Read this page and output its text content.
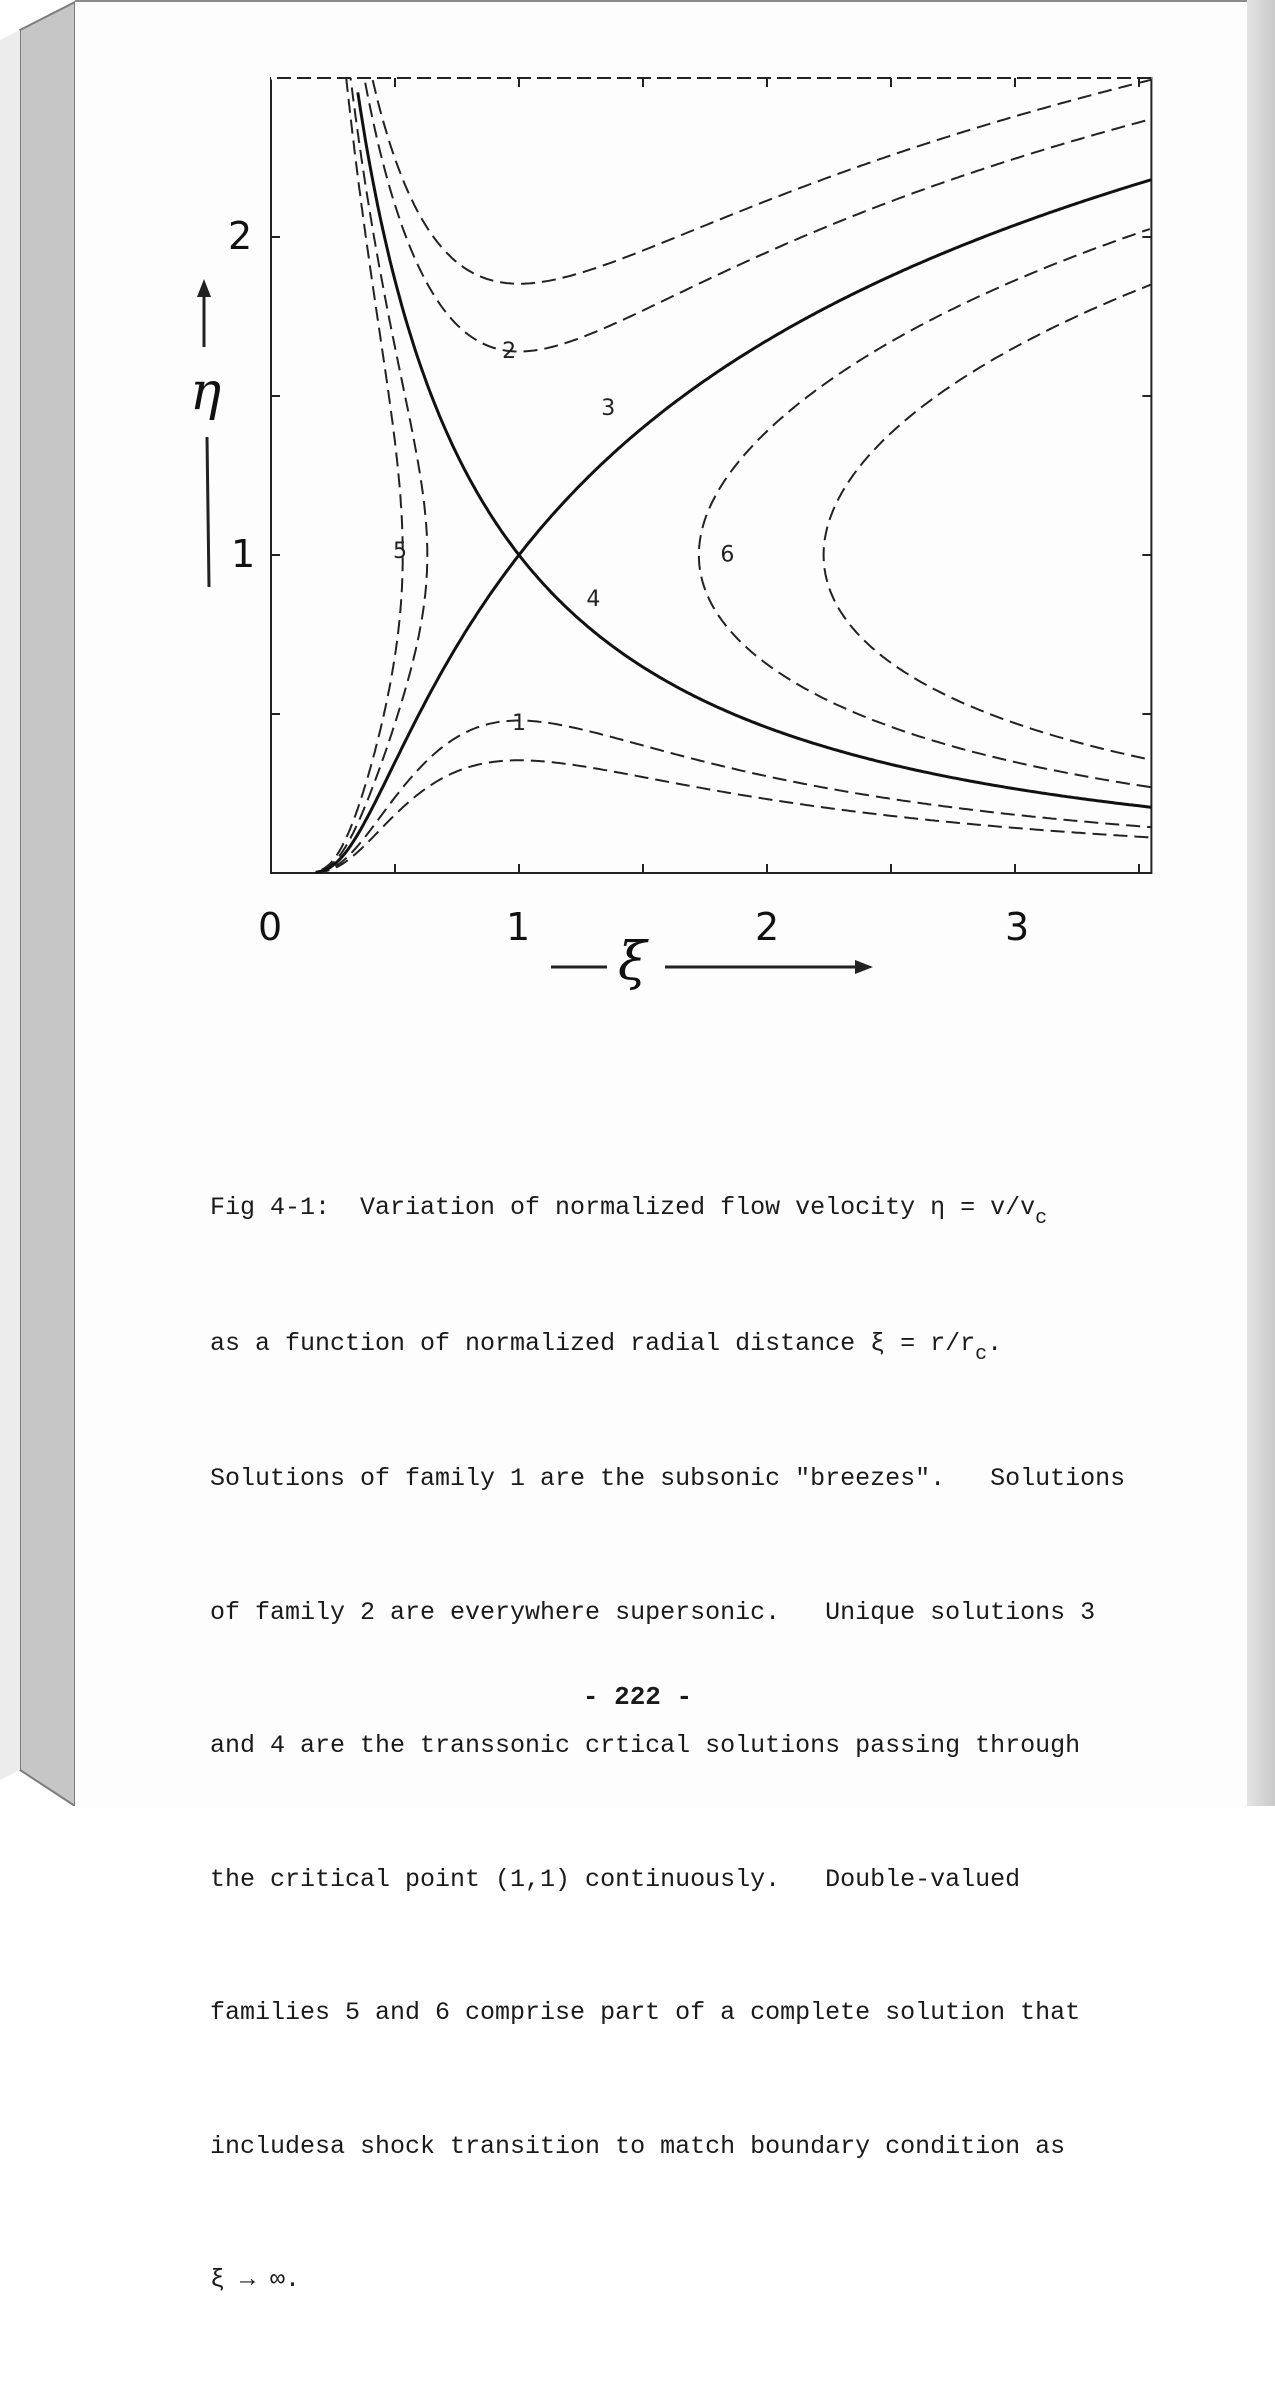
1
2
3
4
5	6
0	1	2	3
1
2
ξ
η

Fig 4-1:  Variation of normalized flow velocity $\eta = v/v_c$

as a function of normalized radial distance $\xi = r/r_c$.

Solutions of family 1 are the subsonic "breezes".   Solutions

of family 2 are everywhere supersonic.   Unique solutions 3

and 4 are the transsonic crtical solutions passing through

the critical point (1,1) continuously.   Double-valued

families 5 and 6 comprise part of a complete solution that

includesa shock transition to match boundary condition as

ξ → ∞.

- 222 -
